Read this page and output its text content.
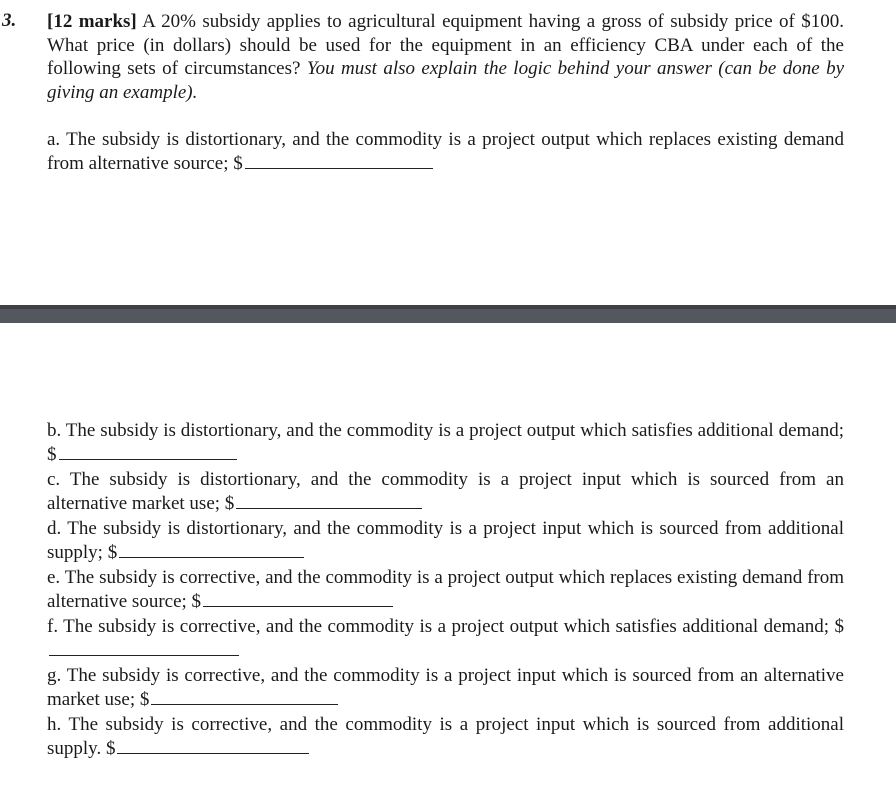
3. [12 marks] A 20% subsidy applies to agricultural equipment having a gross of subsidy price of $100. What price (in dollars) should be used for the equipment in an efficiency CBA under each of the following sets of circumstances? You must also explain the logic behind your answer (can be done by giving an example).

a. The subsidy is distortionary, and the commodity is a project output which replaces existing demand from alternative source; $

b. The subsidy is distortionary, and the commodity is a project output which satisfies additional demand; $

c. The subsidy is distortionary, and the commodity is a project input which is sourced from an alternative market use; $

d. The subsidy is distortionary, and the commodity is a project input which is sourced from additional supply; $

e. The subsidy is corrective, and the commodity is a project output which replaces existing demand from alternative source; $

f. The subsidy is corrective, and the commodity is a project output which satisfies additional demand; $

g. The subsidy is corrective, and the commodity is a project input which is sourced from an alternative market use; $

h. The subsidy is corrective, and the commodity is a project input which is sourced from additional supply. $
